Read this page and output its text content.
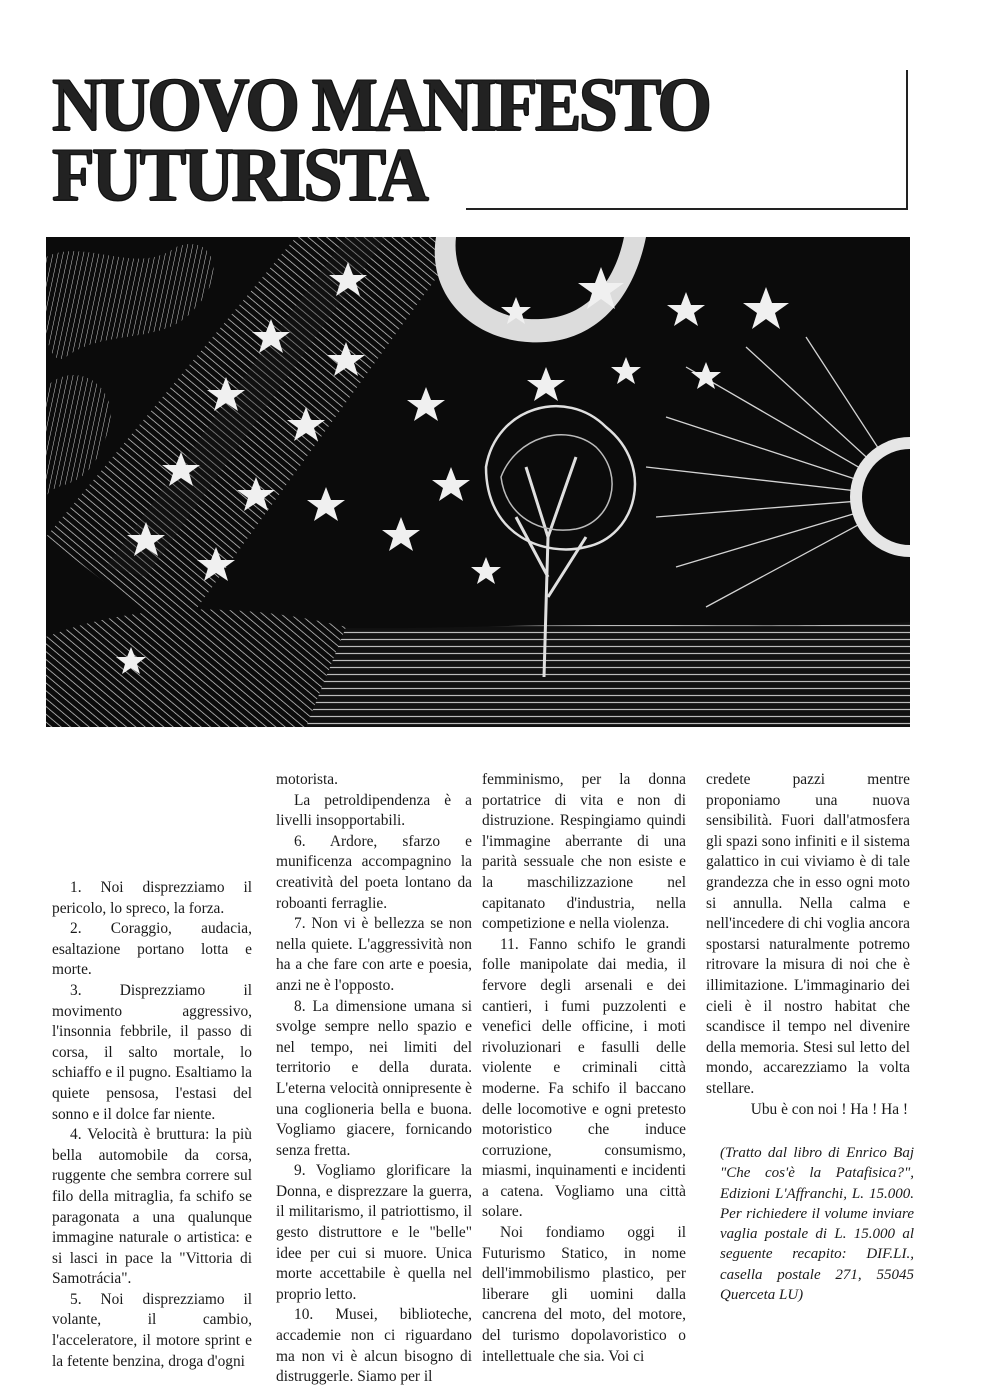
NUOVO MANIFESTO
FUTURISTA

1. Noi disprezziamo il pericolo, lo spreco, la forza.

2. Coraggio, audacia, esaltazione portano lotta e morte.

3. Disprezziamo il movimento aggressivo, l'insonnia febbrile, il passo di corsa, il salto mortale, lo schiaffo e il pugno. Esaltiamo la quiete pensosa, l'estasi del sonno e il dolce far niente.

4. Velocità è bruttura: la più bella automobile da corsa, ruggente che sembra correre sul filo della mitraglia, fa schifo se paragonata a una qualunque immagine naturale o artistica: e si lasci in pace la "Vittoria di Samotrácia".

5. Noi disprezziamo il volante, il cambio, l'acceleratore, il motore sprint e la fetente benzina, droga d'ogni

motorista.

La petroldipendenza è a livelli insopportabili.

6. Ardore, sfarzo e munificenza accompagnino la creatività del poeta lontano da roboanti ferraglie.

7. Non vi è bellezza se non nella quiete. L'aggressività non ha a che fare con arte e poesia, anzi ne è l'opposto.

8. La dimensione umana si svolge sempre nello spazio e nel tempo, nei limiti del territorio e della durata. L'eterna velocità onnipresente è una coglioneria bella e buona. Vogliamo giacere, fornicando senza fretta.

9. Vogliamo glorificare la Donna, e disprezzare la guerra, il militarismo, il patriottismo, il gesto distruttore e le "belle" idee per cui si muore. Unica morte accettabile è quella nel proprio letto.

10. Musei, biblioteche, accademie non ci riguardano ma non vi è alcun bisogno di distruggerle. Siamo per il

femminismo, per la donna portatrice di vita e non di distruzione. Respingiamo quindi l'immagine aberrante di una parità sessuale che non esiste e la maschilizzazione nel capitanato d'industria, nella competizione e nella violenza.

11. Fanno schifo le grandi folle manipolate dai media, il fervore degli arsenali e dei cantieri, i fumi puzzolenti e venefici delle officine, i moti rivoluzionari e fasulli delle violente e criminali città moderne. Fa schifo il baccano delle locomotive e ogni pretesto motoristico che induce corruzione, consumismo, miasmi, inquinamenti e incidenti a catena. Vogliamo una città solare.

Noi fondiamo oggi il Futurismo Statico, in nome dell'immobilismo plastico, per liberare gli uomini dalla cancrena del moto, del motore, del turismo dopolavoristico o intellettuale che sia. Voi ci

credete pazzi mentre proponiamo una nuova sensibilità. Fuori dall'atmosfera gli spazi sono infiniti e il sistema galattico in cui viviamo è di tale grandezza che in esso ogni moto si annulla. Nella calma e nell'incedere di chi voglia ancora spostarsi naturalmente potremo ritrovare la misura di noi che è illimitazione. L'immaginario dei cieli è il nostro habitat che scandisce il tempo nel divenire della memoria. Stesi sul letto del mondo, accarezziamo la volta stellare.

Ubu è con noi ! Ha ! Ha !

(Tratto dal libro di Enrico Baj "Che cos'è la Patafisica?", Edizioni L'Affranchi, L. 15.000. Per richiedere il volume inviare vaglia postale di L. 15.000 al seguente recapito: DIF.LI., casella postale 271, 55045 Querceta LU)
